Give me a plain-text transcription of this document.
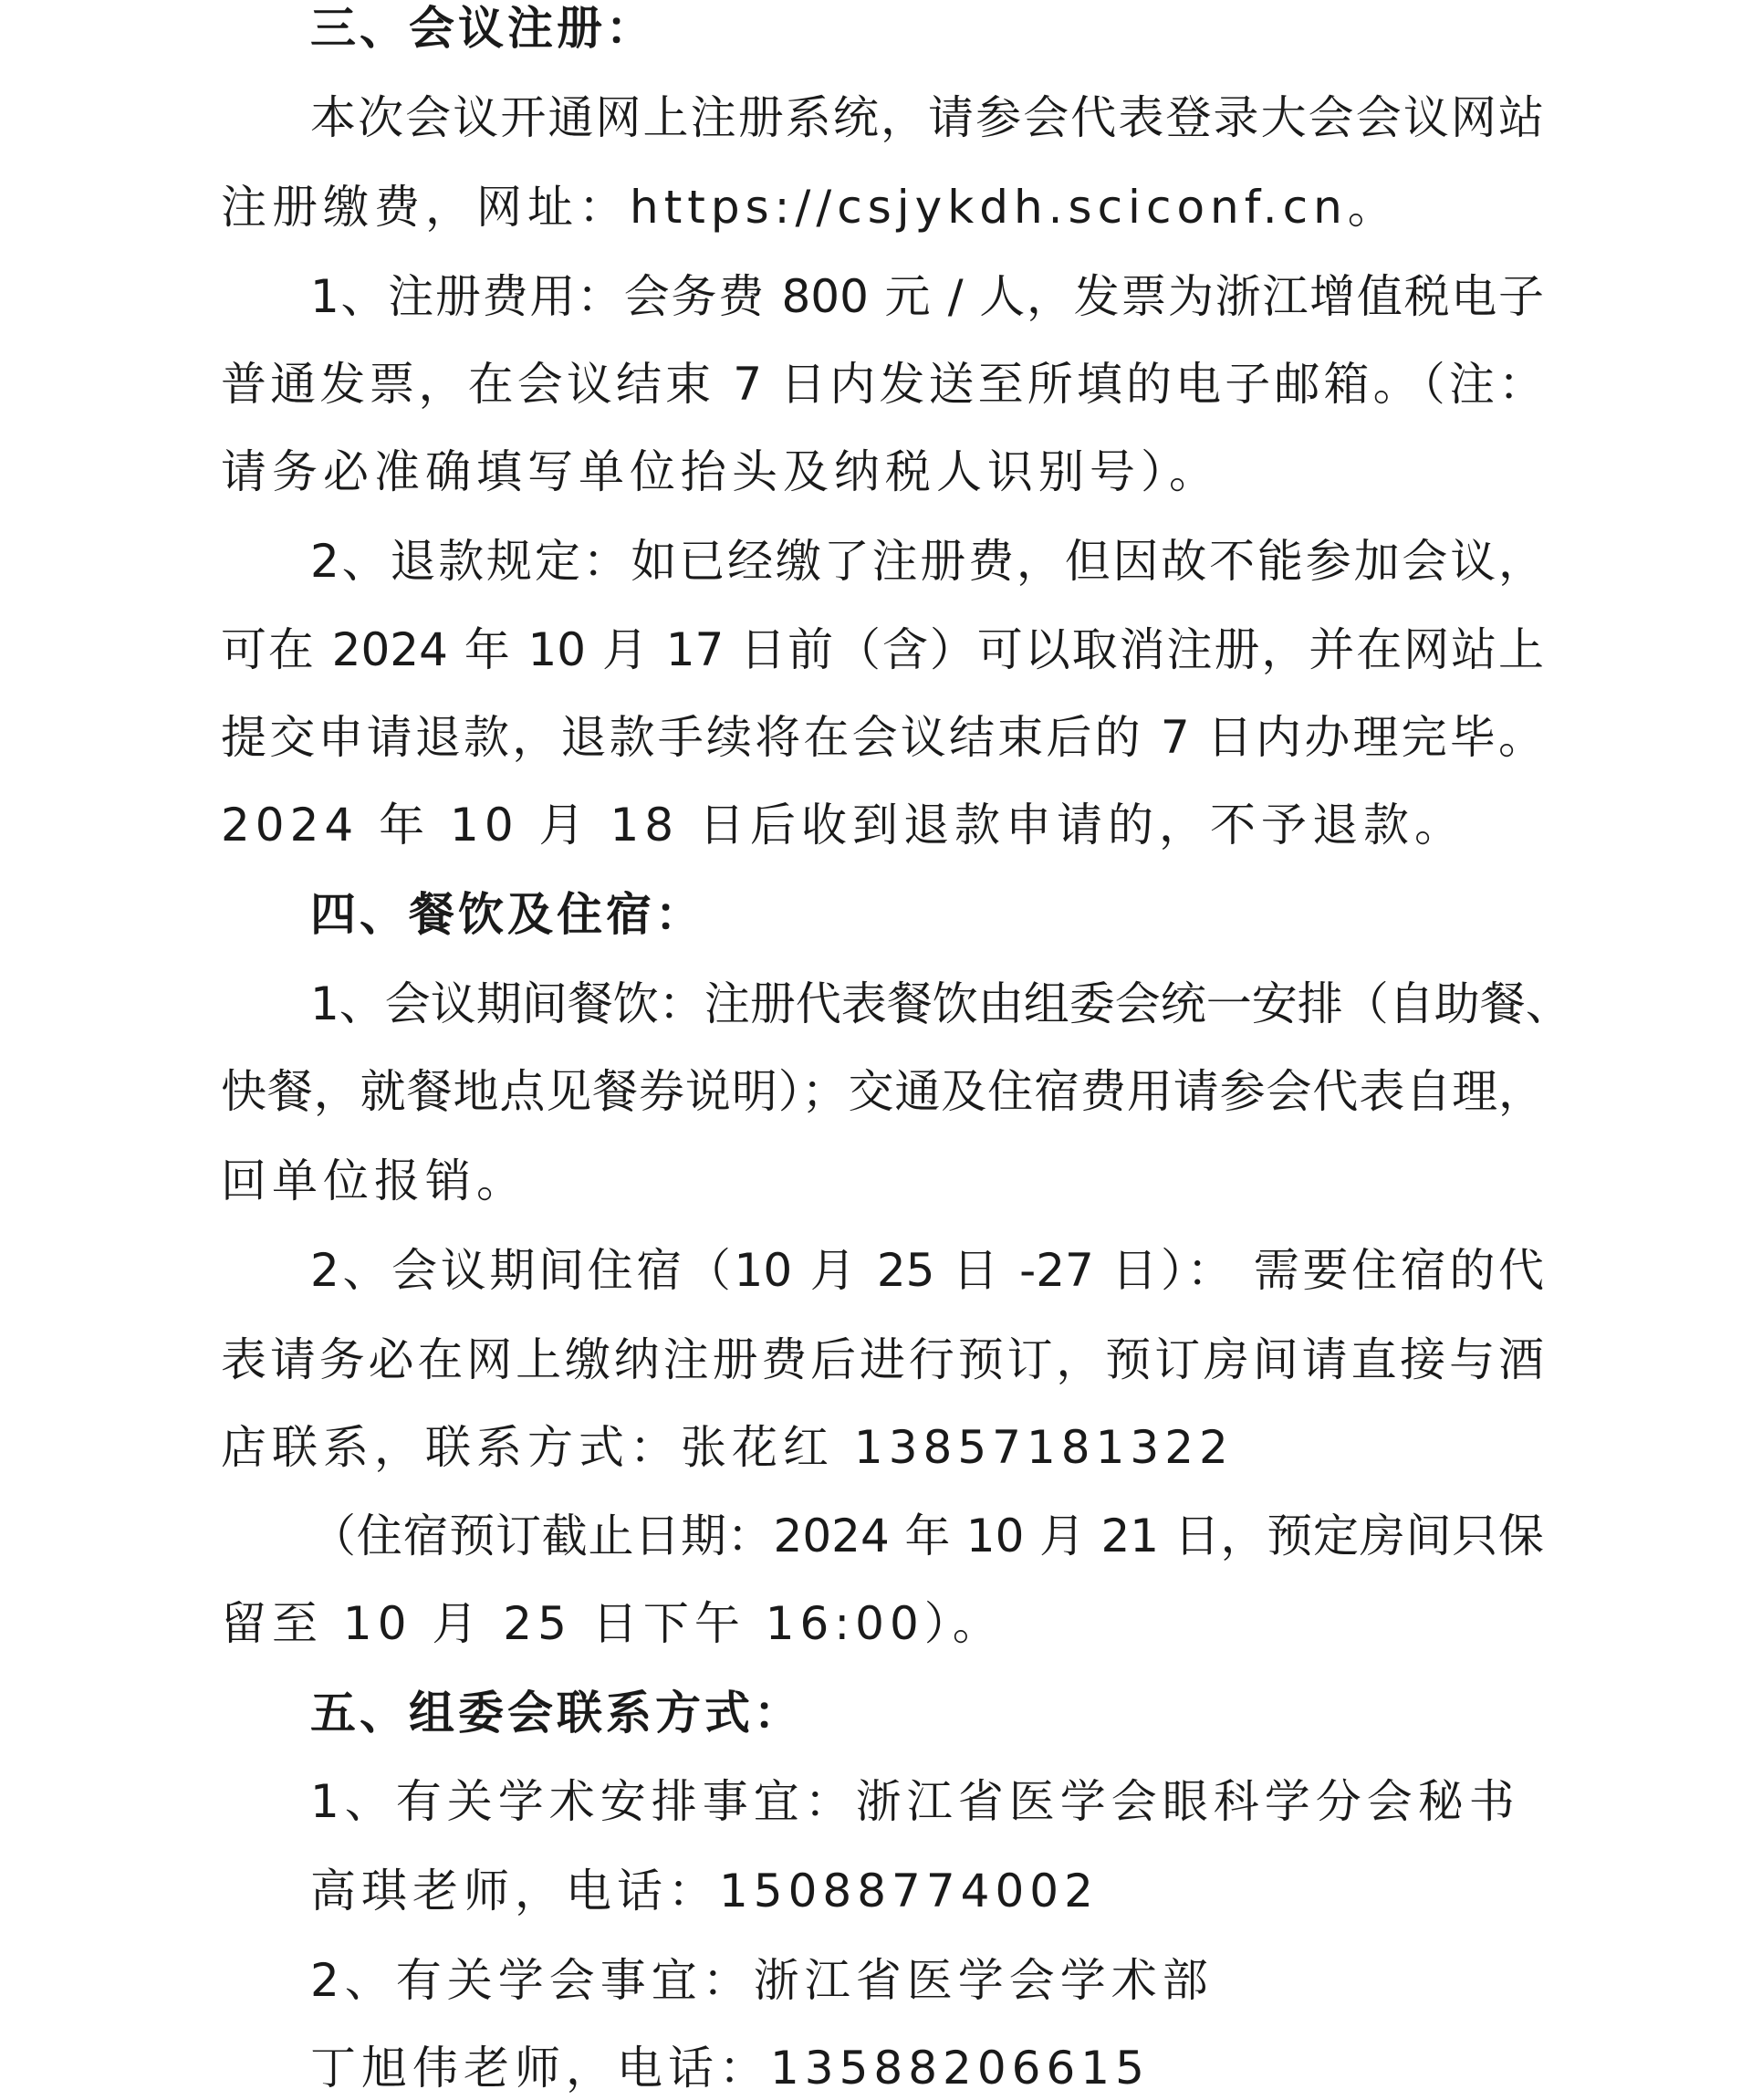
三、会议注册：
本次会议开通网上注册系统，请参会代表登录大会会议网站
注册缴费，网址：https://csjykdh.sciconf.cn。
1、注册费用：会务费 800 元 / 人，发票为浙江增值税电子
普通发票，在会议结束 7 日内发送至所填的电子邮箱。（注：
请务必准确填写单位抬头及纳税人识别号）。
2、退款规定：如已经缴了注册费，但因故不能参加会议，
可在 2024 年 10 月 17 日前（含）可以取消注册，并在网站上
提交申请退款，退款手续将在会议结束后的 7 日内办理完毕。
2024 年 10 月 18 日后收到退款申请的，不予退款。
四、餐饮及住宿：
1、会议期间餐饮：注册代表餐饮由组委会统一安排（自助餐、
快餐，就餐地点见餐券说明）；交通及住宿费用请参会代表自理，
回单位报销。
2、会议期间住宿（10 月 25 日 -27 日）： 需要住宿的代
表请务必在网上缴纳注册费后进行预订，预订房间请直接与酒
店联系，联系方式：张花红 13857181322
（住宿预订截止日期：2024 年 10 月 21 日，预定房间只保
留至 10 月 25 日下午 16:00）。
五、组委会联系方式：
1、有关学术安排事宜：浙江省医学会眼科学分会秘书
高琪老师，电话：15088774002
2、有关学会事宜：浙江省医学会学术部
丁旭伟老师，电话：13588206615
